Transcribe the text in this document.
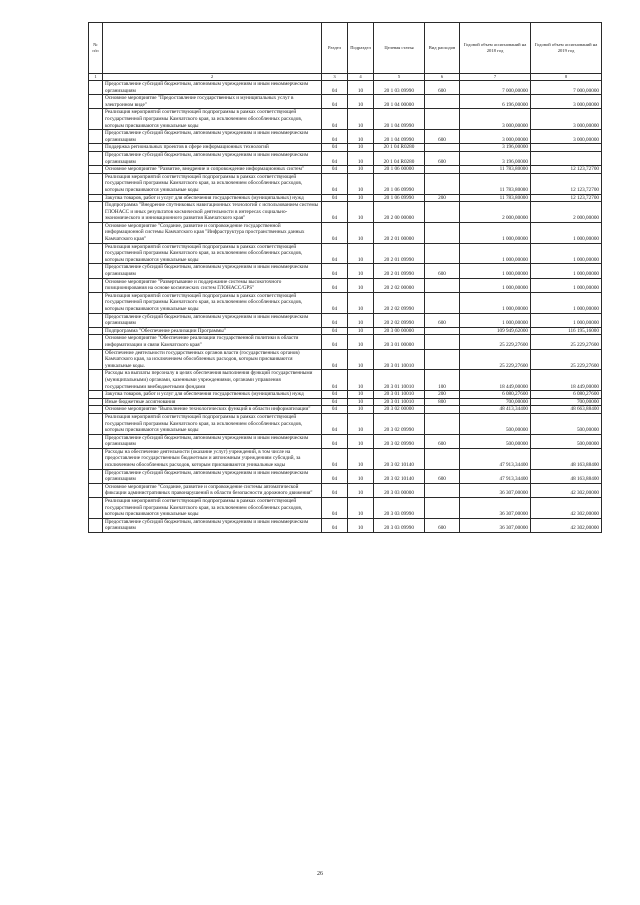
№ п/п		Раздел	Подраздел	Целевая статья	Вид расходов	Годовой объем ассигнований на 2018 год	Годовой объем ассигнований на 2019 год
1	2	3	4	5	6	7	8
	Предоставление субсидий бюджетным, автономным учреждениям и иным некоммерческим организациям	04	10	20 1 03 09990	600	7 000,00000	7 000,00000
	Основное мероприятие "Предоставление государственных и муниципальных услуг в электронном виде"	04	10	20 1 04 00000		6 196,00000	3 000,00000
	Реализация мероприятий соответствующей подпрограммы в рамках соответствующей государственной программы Камчатского края, за исключением обособленных расходов, которым присваиваются уникальные коды	04	10	20 1 04 09990		3 000,00000	3 000,00000
	Предоставление субсидий бюджетным, автономным учреждениям и иным некоммерческим организациям	04	10	20 1 04 09990	600	3 000,00000	3 000,00000
	Поддержка региональных проектов в сфере информационных технологий	04	10	20 1 04 R0280		3 196,00000	
	Предоставление субсидий бюджетным, автономным учреждениям и иным некоммерческим организациям	04	10	20 1 04 R0280	600	3 196,00000	
	Основное мероприятие "Развитие, внедрение и сопровождение информационных систем"	04	10	20 1 06 00000		11 783,80000	12 123,72700
	Реализация мероприятий соответствующей подпрограммы в рамках соответствующей государственной программы Камчатского края, за исключением обособленных расходов, которым присваиваются уникальные коды	04	10	20 1 06 09990		11 783,80000	12 123,72700
	Закупка товаров, работ и услуг для обеспечения государственных (муниципальных) нужд	04	10	20 1 06 09990	200	11 783,80000	12 123,72700
	Подпрограмма "Внедрение спутниковых навигационных технологий с использованием системы ГЛОНАСС и иных результатов космической деятельности в интересах социально-экономического и инновационного развития Камчатского края"	04	10	20 2 00 00000		2 000,00000	2 000,00000
	Основное мероприятие "Создание, развитие и сопровождение государственной информационной системы Камчатского края "Инфраструктура пространственных данных Камчатского края"	04	10	20 2 01 00000		1 000,00000	1 000,00000
	Реализация мероприятий соответствующей подпрограммы в рамках соответствующей государственной программы Камчатского края, за исключением обособленных расходов, которым присваиваются уникальные коды	04	10	20 2 01 09990		1 000,00000	1 000,00000
	Предоставление субсидий бюджетным, автономным учреждениям и иным некоммерческим организациям	04	10	20 2 01 09990	600	1 000,00000	1 000,00000
	Основное мероприятие "Развертывание и поддержание системы высокоточного позиционирования на основе космических систем ГЛОНАСС/GPS"	04	10	20 2 02 00000		1 000,00000	1 000,00000
	Реализация мероприятий соответствующей подпрограммы в рамках соответствующей государственной программы Камчатского края, за исключением обособленных расходов, которым присваиваются уникальные коды	04	10	20 2 02 09990		1 000,00000	1 000,00000
	Предоставление субсидий бюджетным, автономным учреждениям и иным некоммерческим организациям	04	10	20 2 02 09990	600	1 000,00000	1 000,00000
	Подпрограмма "Обеспечение реализации Программы"	04	10	20 3 00 00000		109 949,62000	116 195,16000
	Основное мероприятие "Обеспечение реализации государственной политики в области информатизации и связи Камчатского края"	04	10	20 3 01 00000		25 229,27600	25 229,27600
	Обеспечение деятельности государственных органов власти (государственных органов) Камчатского края, за исключением обособленных расходов, которым присваиваются уникальные коды.	04	10	20 3 01 10010		25 229,27600	25 229,27600
	Расходы на выплаты персоналу в целях обеспечения выполнения функций государственными (муниципальными) органами, казенными учреждениями, органами управления государственными внебюджетными фондами	04	10	20 3 01 10010	100	18 449,00000	18 449,00000
	Закупка товаров, работ и услуг для обеспечения государственных (муниципальных) нужд	04	10	20 3 01 10010	200	6 080,27600	6 080,27600
	Иные бюджетные ассигнования	04	10	20 3 01 10010	800	700,00000	700,00000
	Основное мероприятие "Выполнение технологических функций в области информатизации"	04	10	20 3 02 00000		48 413,34400	48 663,88400
	Реализация мероприятий соответствующей подпрограммы в рамках соответствующей государственной программы Камчатского края, за исключением обособленных расходов, которым присваиваются уникальные коды	04	10	20 3 02 09990		500,00000	500,00000
	Предоставление субсидий бюджетным, автономным учреждениям и иным некоммерческим организациям	04	10	20 3 02 09990	600	500,00000	500,00000
	Расходы на обеспечение деятельности (оказание услуг) учреждений, в том числе на предоставление государственным бюджетным и автономным учреждениям субсидий, за исключением обособленных расходов, которым присваиваются уникальные коды	04	10	20 3 02 10140		47 913,34400	48 163,88400
	Предоставление субсидий бюджетным, автономным учреждениям и иным некоммерческим организациям	04	10	20 3 02 10140	600	47 913,34400	48 163,88400
	Основное мероприятие "Создание, развитие и сопровождение системы автоматической фиксации административных правонарушений в области безопасности дорожного движения"	04	10	20 3 03 00000		36 307,00000	42 302,00000
	Реализация мероприятий соответствующей подпрограммы в рамках соответствующей государственной программы Камчатского края, за исключением обособленных расходов, которым присваиваются уникальные коды	04	10	20 3 03 09990		36 307,00000	42 302,00000
	Предоставление субсидий бюджетным, автономным учреждениям и иным некоммерческим организациям	04	10	20 3 03 09990	600	36 307,00000	42 302,00000
26
